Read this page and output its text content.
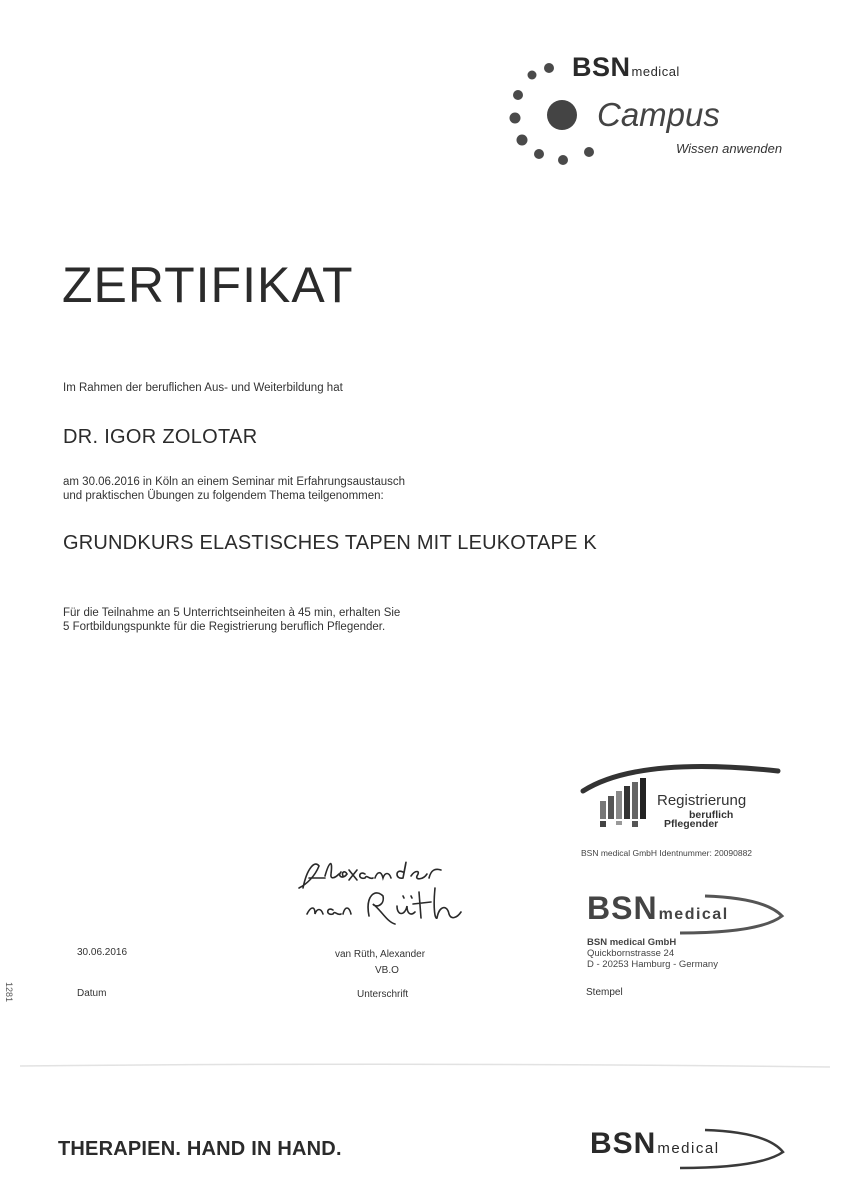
BSNmedical
Campus
Wissen anwenden
ZERTIFIKAT
Im Rahmen der beruflichen Aus- und Weiterbildung hat
DR. IGOR ZOLOTAR
am 30.06.2016 in Köln an einem Seminar mit Erfahrungsaustausch
und praktischen Übungen zu folgendem Thema teilgenommen:
GRUNDKURS ELASTISCHES TAPEN MIT LEUKOTAPE K
Für die Teilnahme an 5 Unterrichtseinheiten à 45 min, erhalten Sie
5 Fortbildungspunkte für die Registrierung beruflich Pflegender.
Registrierung
beruflich
Pflegender
BSN medical GmbH Identnummer: 20090882
BSNmedical
BSN medical GmbH
Quickbornstrasse 24
D - 20253 Hamburg - Germany
30.06.2016	van Rüth, Alexander
VB.O
Datum	Unterschrift	Stempel
1281
THERAPIEN. HAND IN HAND.	BSNmedical
